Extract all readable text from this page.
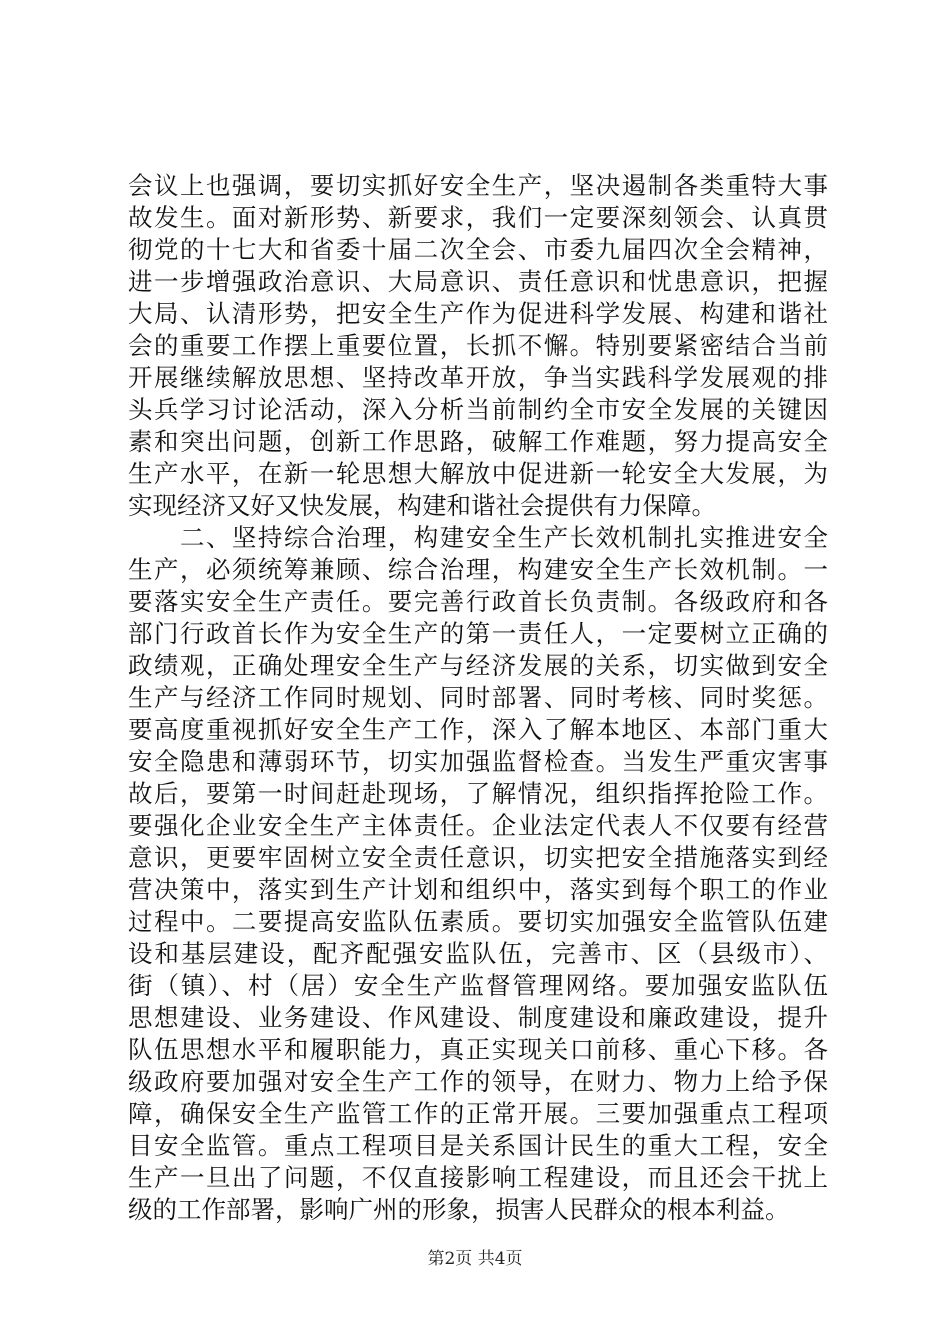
会议上也强调，要切实抓好安全生产，坚决遏制各类重特大事
故发生。面对新形势、新要求，我们一定要深刻领会、认真贯
彻党的十七大和省委十届二次全会、市委九届四次全会精神，
进一步增强政治意识、大局意识、责任意识和忧患意识，把握
大局、认清形势，把安全生产作为促进科学发展、构建和谐社
会的重要工作摆上重要位置，长抓不懈。特别要紧密结合当前
开展继续解放思想、坚持改革开放，争当实践科学发展观的排
头兵学习讨论活动，深入分析当前制约全市安全发展的关键因
素和突出问题，创新工作思路，破解工作难题，努力提高安全
生产水平，在新一轮思想大解放中促进新一轮安全大发展，为
实现经济又好又快发展，构建和谐社会提供有力保障。
　　二、坚持综合治理，构建安全生产长效机制扎实推进安全
生产，必须统筹兼顾、综合治理，构建安全生产长效机制。一
要落实安全生产责任。要完善行政首长负责制。各级政府和各
部门行政首长作为安全生产的第一责任人，一定要树立正确的
政绩观，正确处理安全生产与经济发展的关系，切实做到安全
生产与经济工作同时规划、同时部署、同时考核、同时奖惩。
要高度重视抓好安全生产工作，深入了解本地区、本部门重大
安全隐患和薄弱环节，切实加强监督检查。当发生严重灾害事
故后，要第一时间赶赴现场，了解情况，组织指挥抢险工作。
要强化企业安全生产主体责任。企业法定代表人不仅要有经营
意识，更要牢固树立安全责任意识，切实把安全措施落实到经
营决策中，落实到生产计划和组织中，落实到每个职工的作业
过程中。二要提高安监队伍素质。要切实加强安全监管队伍建
设和基层建设，配齐配强安监队伍，完善市、区（县级市）、
街（镇）、村（居）安全生产监督管理网络。要加强安监队伍
思想建设、业务建设、作风建设、制度建设和廉政建设，提升
队伍思想水平和履职能力，真正实现关口前移、重心下移。各
级政府要加强对安全生产工作的领导，在财力、物力上给予保
障，确保安全生产监管工作的正常开展。三要加强重点工程项
目安全监管。重点工程项目是关系国计民生的重大工程，安全
生产一旦出了问题，不仅直接影响工程建设，而且还会干扰上
级的工作部署，影响广州的形象，损害人民群众的根本利益。
第2页 共4页
